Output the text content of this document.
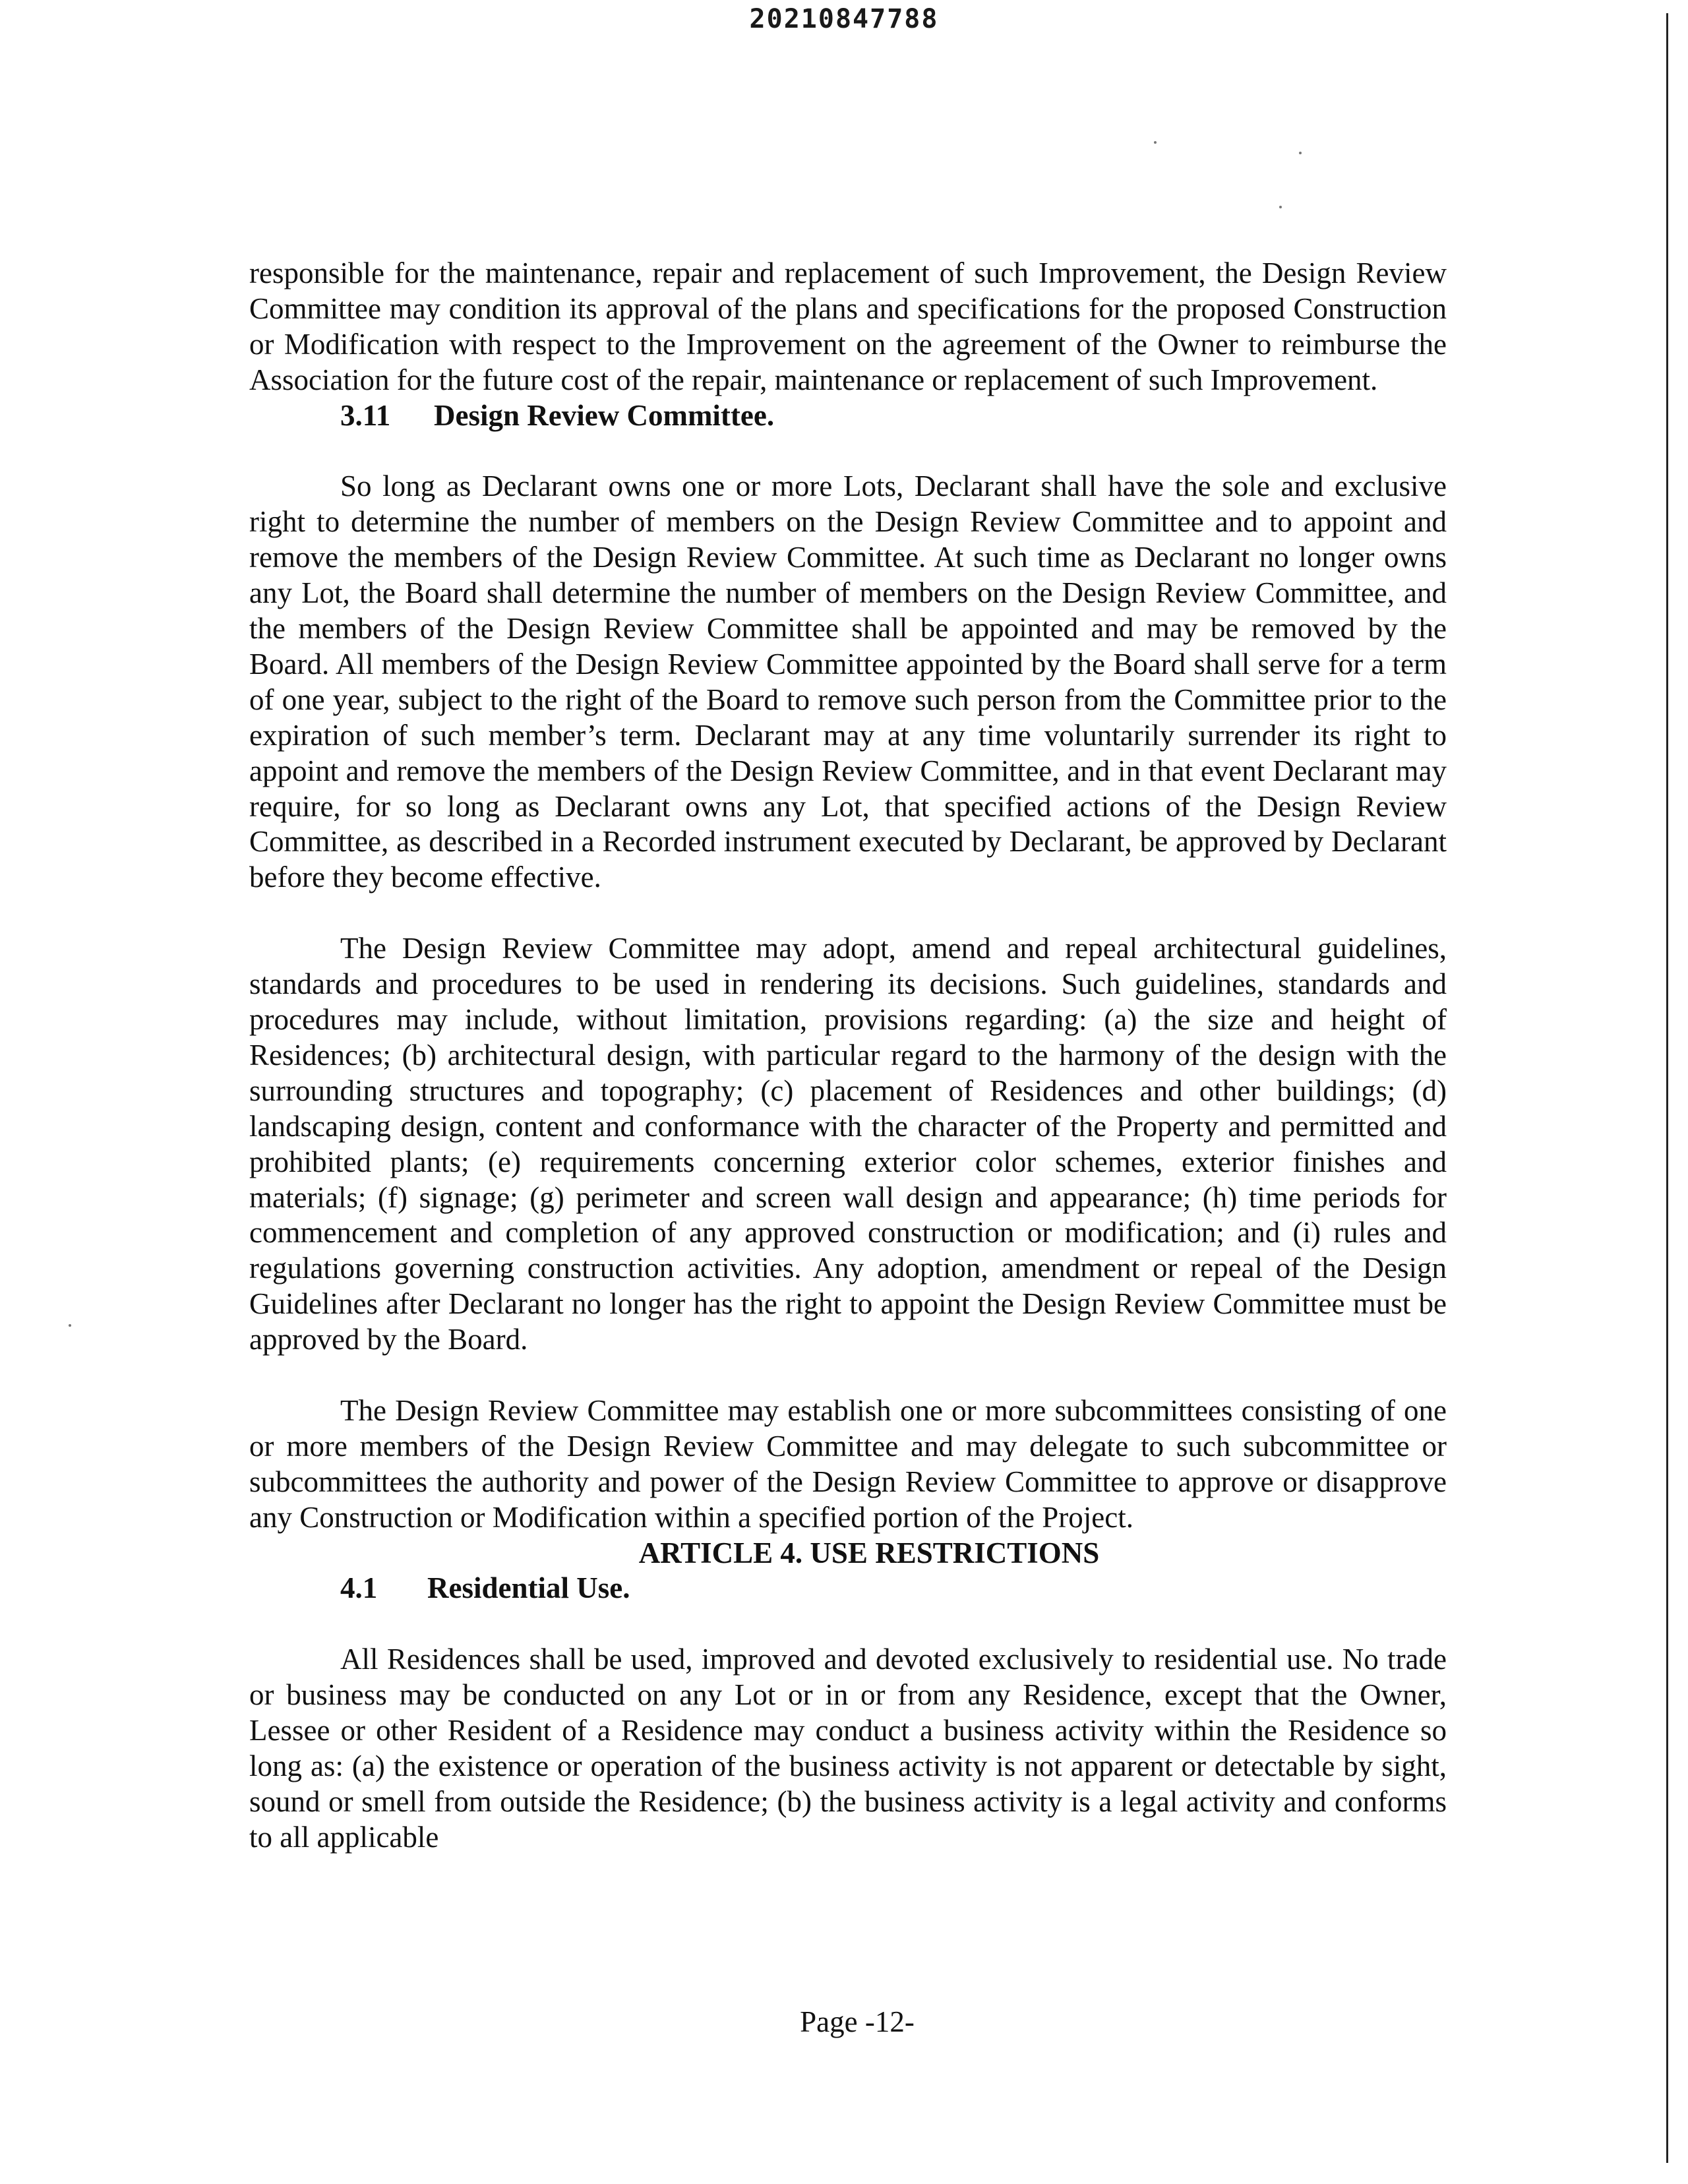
20210847788

responsible for the maintenance, repair and replacement of such Improvement, the Design Review Committee may condition its approval of the plans and specifications for the proposed Construction or Modification with respect to the Improvement on the agreement of the Owner to reimburse the Association for the future cost of the repair, maintenance or replacement of such Improvement.

3.11 Design Review Committee.

So long as Declarant owns one or more Lots, Declarant shall have the sole and exclusive right to determine the number of members on the Design Review Committee and to appoint and remove the members of the Design Review Committee. At such time as Declarant no longer owns any Lot, the Board shall determine the number of members on the Design Review Committee, and the members of the Design Review Committee shall be appointed and may be removed by the Board. All members of the Design Review Committee appointed by the Board shall serve for a term of one year, subject to the right of the Board to remove such person from the Committee prior to the expiration of such member’s term. Declarant may at any time voluntarily surrender its right to appoint and remove the members of the Design Review Committee, and in that event Declarant may require, for so long as Declarant owns any Lot, that specified actions of the Design Review Committee, as described in a Recorded instrument executed by Declarant, be approved by Declarant before they become effective.

The Design Review Committee may adopt, amend and repeal architectural guidelines, standards and procedures to be used in rendering its decisions. Such guidelines, standards and procedures may include, without limitation, provisions regarding: (a) the size and height of Residences; (b) architectural design, with particular regard to the harmony of the design with the surrounding structures and topography; (c) placement of Residences and other buildings; (d) landscaping design, content and conformance with the character of the Property and permitted and prohibited plants; (e) requirements concerning exterior color schemes, exterior finishes and materials; (f) signage; (g) perimeter and screen wall design and appearance; (h) time periods for commencement and completion of any approved construction or modification; and (i) rules and regulations governing construction activities. Any adoption, amendment or repeal of the Design Guidelines after Declarant no longer has the right to appoint the Design Review Committee must be approved by the Board.

The Design Review Committee may establish one or more subcommittees consisting of one or more members of the Design Review Committee and may delegate to such subcommittee or subcommittees the authority and power of the Design Review Committee to approve or disapprove any Construction or Modification within a specified portion of the Project.

ARTICLE 4. USE RESTRICTIONS

4.1 Residential Use.

All Residences shall be used, improved and devoted exclusively to residential use. No trade or business may be conducted on any Lot or in or from any Residence, except that the Owner, Lessee or other Resident of a Residence may conduct a business activity within the Residence so long as: (a) the existence or operation of the business activity is not apparent or detectable by sight, sound or smell from outside the Residence; (b) the business activity is a legal activity and conforms to all applicable

Page -12-
